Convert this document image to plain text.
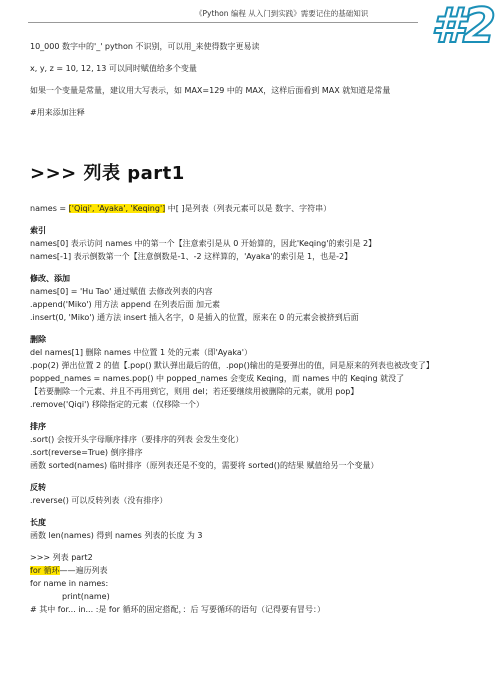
《Python 编程 从入门到实践》需要记住的基础知识 #2
10_000 数字中的'_' python 不识别，可以用_来使得数字更易读
x, y, z = 10, 12, 13 可以同时赋值给多个变量
如果一个变量是常量，建议用大写表示，如 MAX=129 中的 MAX，这样后面看到 MAX 就知道是常量
#用来添加注释
>>> 列表 part1
names = ['Qiqi', 'Ayaka', 'Keqing'] 中[ ]是列表（列表元素可以是 数字、字符串）
索引
names[0] 表示访问 names 中的第一个【注意索引是从 0 开始算的，因此'Keqing'的索引是 2】
names[-1] 表示倒数第一个【注意倒数是-1、-2 这样算的，'Ayaka'的索引是 1，也是-2】
修改、添加
names[0] = 'Hu Tao' 通过赋值 去修改列表的内容
.append('Miko') 用方法 append 在列表后面 加元素
.insert(0, 'Miko') 通方法 insert 插入名字，0 是插入的位置，原来在 0 的元素会被挤到后面
删除
del names[1] 删除 names 中位置 1 处的元素（即'Ayaka'）
.pop(2) 弹出位置 2 的值【.pop() 默认弹出最后的值，.pop()输出的是要弹出的值，同是原来的列表也被改变了】
popped_names = names.pop() 中 popped_names 会变成 Keqing，而 names 中的 Keqing 就没了
【若要删除一个元素、并且不再用到它，则用 del；若还要继续用被删除的元素，就用 pop】
.remove('Qiqi') 移除指定的元素（仅移除一个）
排序
.sort() 会按开头字母顺序排序（要排序的列表 会发生变化）
.sort(reverse=True) 倒序排序
函数 sorted(names) 临时排序（原列表还是不变的，需要将 sorted()的结果 赋值给另一个变量）
反转
.reverse() 可以反转列表（没有排序）
长度
函数 len(names) 得到 names 列表的长度 为 3
>>> 列表 part2
for 循环——遍历列表
for name in names:
print(name)
# 其中 for... in... :是 for 循环的固定搭配，：后 写要循环的语句（记得要有冒号：）
